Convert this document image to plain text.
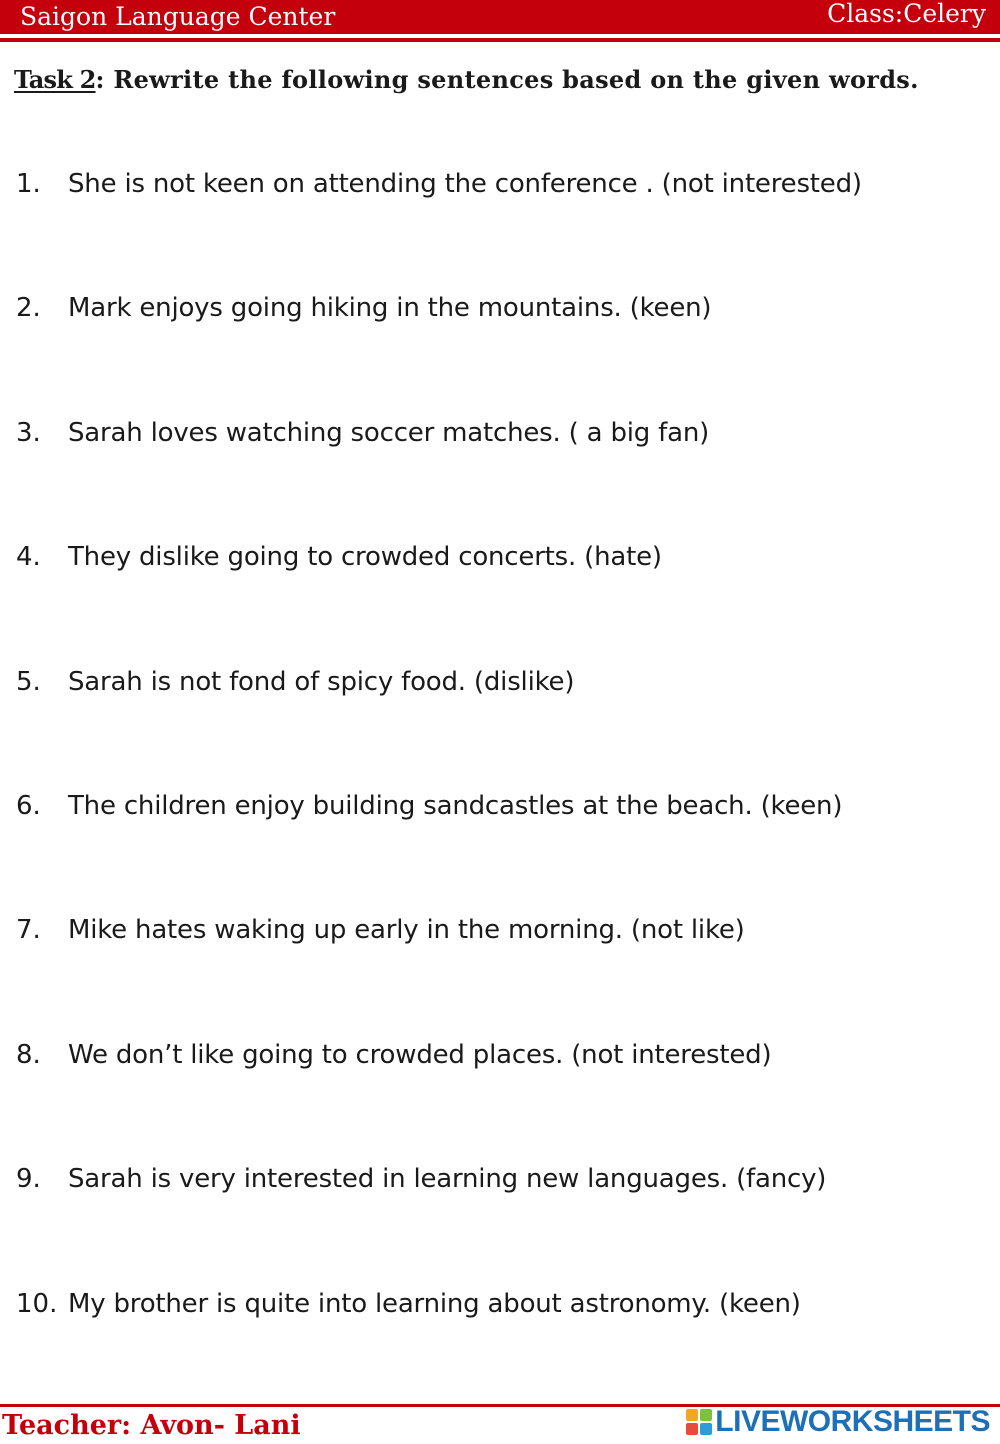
Saigon Language Center	Class:Celery
Task 2: Rewrite the following sentences based on the given words.
1.	She is not keen on attending the conference . (not interested)
2.	Mark enjoys going hiking in the mountains. (keen)
3.	Sarah loves watching soccer matches. ( a big fan)
4.	They dislike going to crowded concerts. (hate)
5.	Sarah is not fond of spicy food. (dislike)
6.	The children enjoy building sandcastles at the beach. (keen)
7.	Mike hates waking up early in the morning. (not like)
8.	We don’t like going to crowded places. (not interested)
9.	Sarah is very interested in learning new languages. (fancy)
10. My brother is quite into learning about astronomy. (keen)
Teacher: Avon- Lani	LIVEWORKSHEETS
